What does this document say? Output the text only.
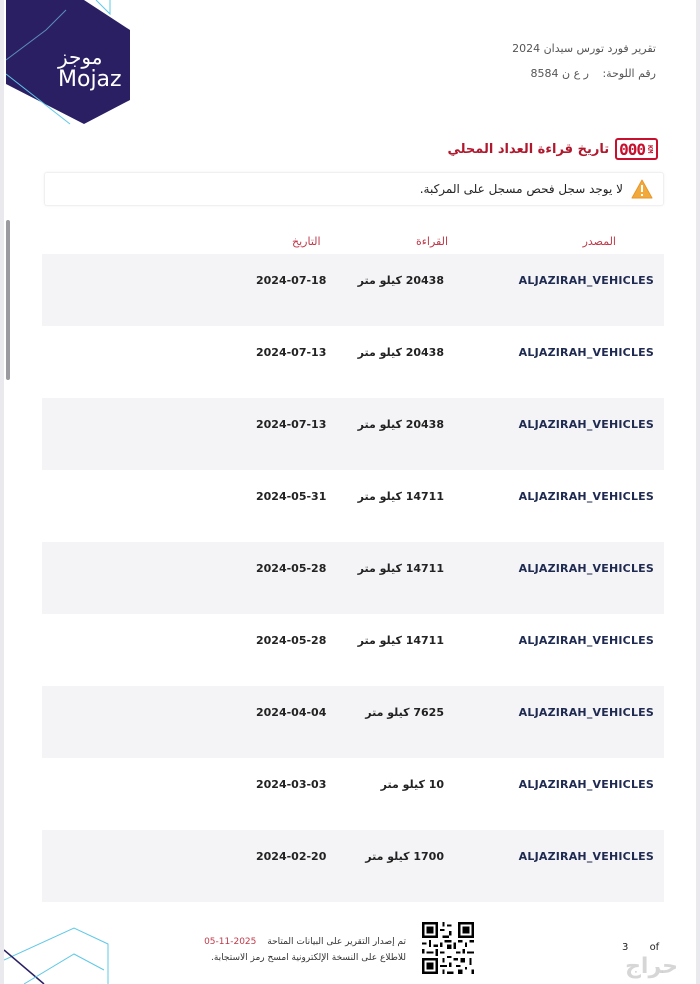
موجز
Mojaz
تقرير فورد تورس سيدان 2024
رقم اللوحة: ر ع ن 8584
KM
000
تاريخ قراءة العداد المحلي
لا يوجد سجل فحص مسجل على المركبة.
المصدر
القراءة
التاريخ
ALJAZIRAH_VEHICLES
20438 كيلو متر
2024-07-18
ALJAZIRAH_VEHICLES
20438 كيلو متر
2024-07-13
ALJAZIRAH_VEHICLES
20438 كيلو متر
2024-07-13
ALJAZIRAH_VEHICLES
14711 كيلو متر
2024-05-31
ALJAZIRAH_VEHICLES
14711 كيلو متر
2024-05-28
ALJAZIRAH_VEHICLES
14711 كيلو متر
2024-05-28
ALJAZIRAH_VEHICLES
7625 كيلو متر
2024-04-04
ALJAZIRAH_VEHICLES
10 كيلو متر
2024-03-03
ALJAZIRAH_VEHICLES
1700 كيلو متر
2024-02-20
تم إصدار التقرير على البيانات المتاحة 2025-11-05
للاطلاع على النسخة الإلكترونية امسح رمز الاستجابة.
3 of
حراج
